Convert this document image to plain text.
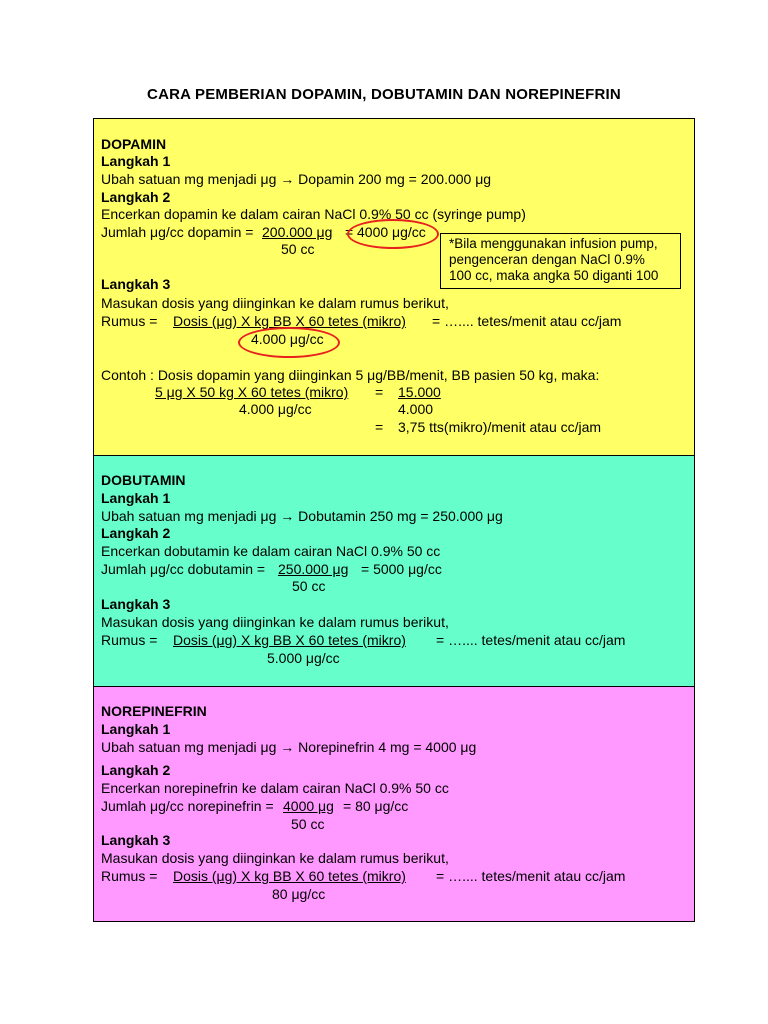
CARA PEMBERIAN DOPAMIN, DOBUTAMIN DAN NOREPINEFRIN
DOPAMIN
Langkah 1
Ubah satuan mg menjadi μg → Dopamin 200 mg = 200.000 μg
Langkah 2
Encerkan dopamin ke dalam cairan NaCl 0.9% 50 cc (syringe pump)
Jumlah μg/cc dopamin = 200.000 μg = 4000 μg/cc
50 cc	*Bila menggunakan infusion pump,
pengenceran dengan NaCl 0.9%
100 cc, maka angka 50 diganti 100
Langkah 3
Masukan dosis yang diinginkan ke dalam rumus berikut,
Rumus = Dosis (μg) X kg BB X 60 tetes (mikro) = ….... tetes/menit atau cc/jam
4.000 μg/cc
Contoh : Dosis dopamin yang diinginkan 5 μg/BB/menit, BB pasien 50 kg, maka:
5 μg X 50 kg X 60 tetes (mikro) = 15.000
4.000 μg/cc	4.000
= 3,75 tts(mikro)/menit atau cc/jam
DOBUTAMIN
Langkah 1
Ubah satuan mg menjadi μg → Dobutamin 250 mg = 250.000 μg
Langkah 2
Encerkan dobutamin ke dalam cairan NaCl 0.9% 50 cc
Jumlah μg/cc dobutamin = 250.000 μg = 5000 μg/cc
50 cc
Langkah 3
Masukan dosis yang diinginkan ke dalam rumus berikut,
Rumus = Dosis (μg) X kg BB X 60 tetes (mikro) = ….... tetes/menit atau cc/jam
5.000 μg/cc
NOREPINEFRIN
Langkah 1
Ubah satuan mg menjadi μg → Norepinefrin 4 mg = 4000 μg
Langkah 2
Encerkan norepinefrin ke dalam cairan NaCl 0.9% 50 cc
Jumlah μg/cc norepinefrin = 4000 μg = 80 μg/cc
50 cc
Langkah 3
Masukan dosis yang diinginkan ke dalam rumus berikut,
Rumus = Dosis (μg) X kg BB X 60 tetes (mikro) = ….... tetes/menit atau cc/jam
80 μg/cc
